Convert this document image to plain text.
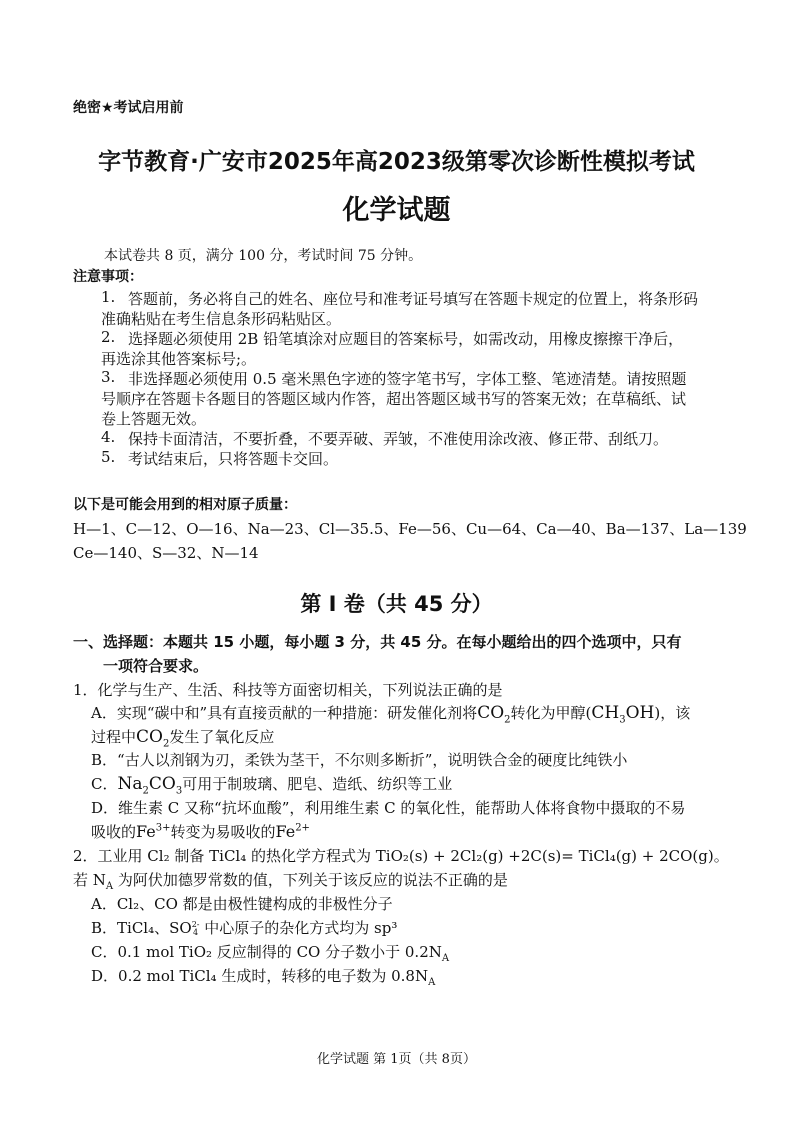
绝密★考试启用前
字节教育·广安市2025年高2023级第零次诊断性模拟考试
化学试题
本试卷共 8 页，满分 100 分，考试时间 75 分钟。
注意事项：
1. 答题前，务必将自己的姓名、座位号和准考证号填写在答题卡规定的位置上，将条形码
准确粘贴在考生信息条形码粘贴区。
2. 选择题必须使用 2B 铅笔填涂对应题目的答案标号，如需改动，用橡皮擦擦干净后，
再选涂其他答案标号;。
3. 非选择题必须使用 0.5 毫米黑色字迹的签字笔书写，字体工整、笔迹清楚。请按照题
号顺序在答题卡各题目的答题区域内作答，超出答题区域书写的答案无效；在草稿纸、试
卷上答题无效。
4. 保持卡面清洁，不要折叠，不要弄破、弄皱，不准使用涂改液、修正带、刮纸刀。
5. 考试结束后，只将答题卡交回。
以下是可能会用到的相对原子质量：
H—1、C—12、O—16、Na—23、Cl—35.5、Fe—56、Cu—64、Ca—40、Ba—137、La—139
Ce—140、S—32、N—14
第 I 卷（共 45 分）
一、选择题：本题共 15 小题，每小题 3 分，共 45 分。在每小题给出的四个选项中，只有
一项符合要求。
1．化学与生产、生活、科技等方面密切相关，下列说法正确的是
A．实现“碳中和”具有直接贡献的一种措施：研发催化剂将$CO_2$转化为甲醇$(CH_3OH)$，该
过程中$CO_2$发生了氧化反应
B．“古人以剂钢为刃，柔铁为茎干，不尔则多断折”，说明铁合金的硬度比纯铁小
C．$Na_2CO_3$可用于制玻璃、肥皂、造纸、纺织等工业
D．维生素 C 又称“抗坏血酸”，利用维生素 C 的氧化性，能帮助人体将食物中摄取的不易
吸收的$Fe^{3+}$转变为易吸收的$Fe^{2+}$
2．工业用 Cl₂ 制备 TiCl₄ 的热化学方程式为 TiO₂(s) + 2Cl₂(g) +2C(s)= TiCl₄(g) + 2CO(g)。
若 $N_A$ 为阿伏加德罗常数的值，下列关于该反应的说法不正确的是
A．Cl₂、CO 都是由极性键构成的非极性分子
B．TiCl₄、SO2-
4 中心原子的杂化方式均为 sp³
C．0.1 mol TiO₂ 反应制得的 CO 分子数小于 $0.2N_A$
D．0.2 mol TiCl₄ 生成时，转移的电子数为 $0.8N_A$
化学试题 第 1页（共 8页）
